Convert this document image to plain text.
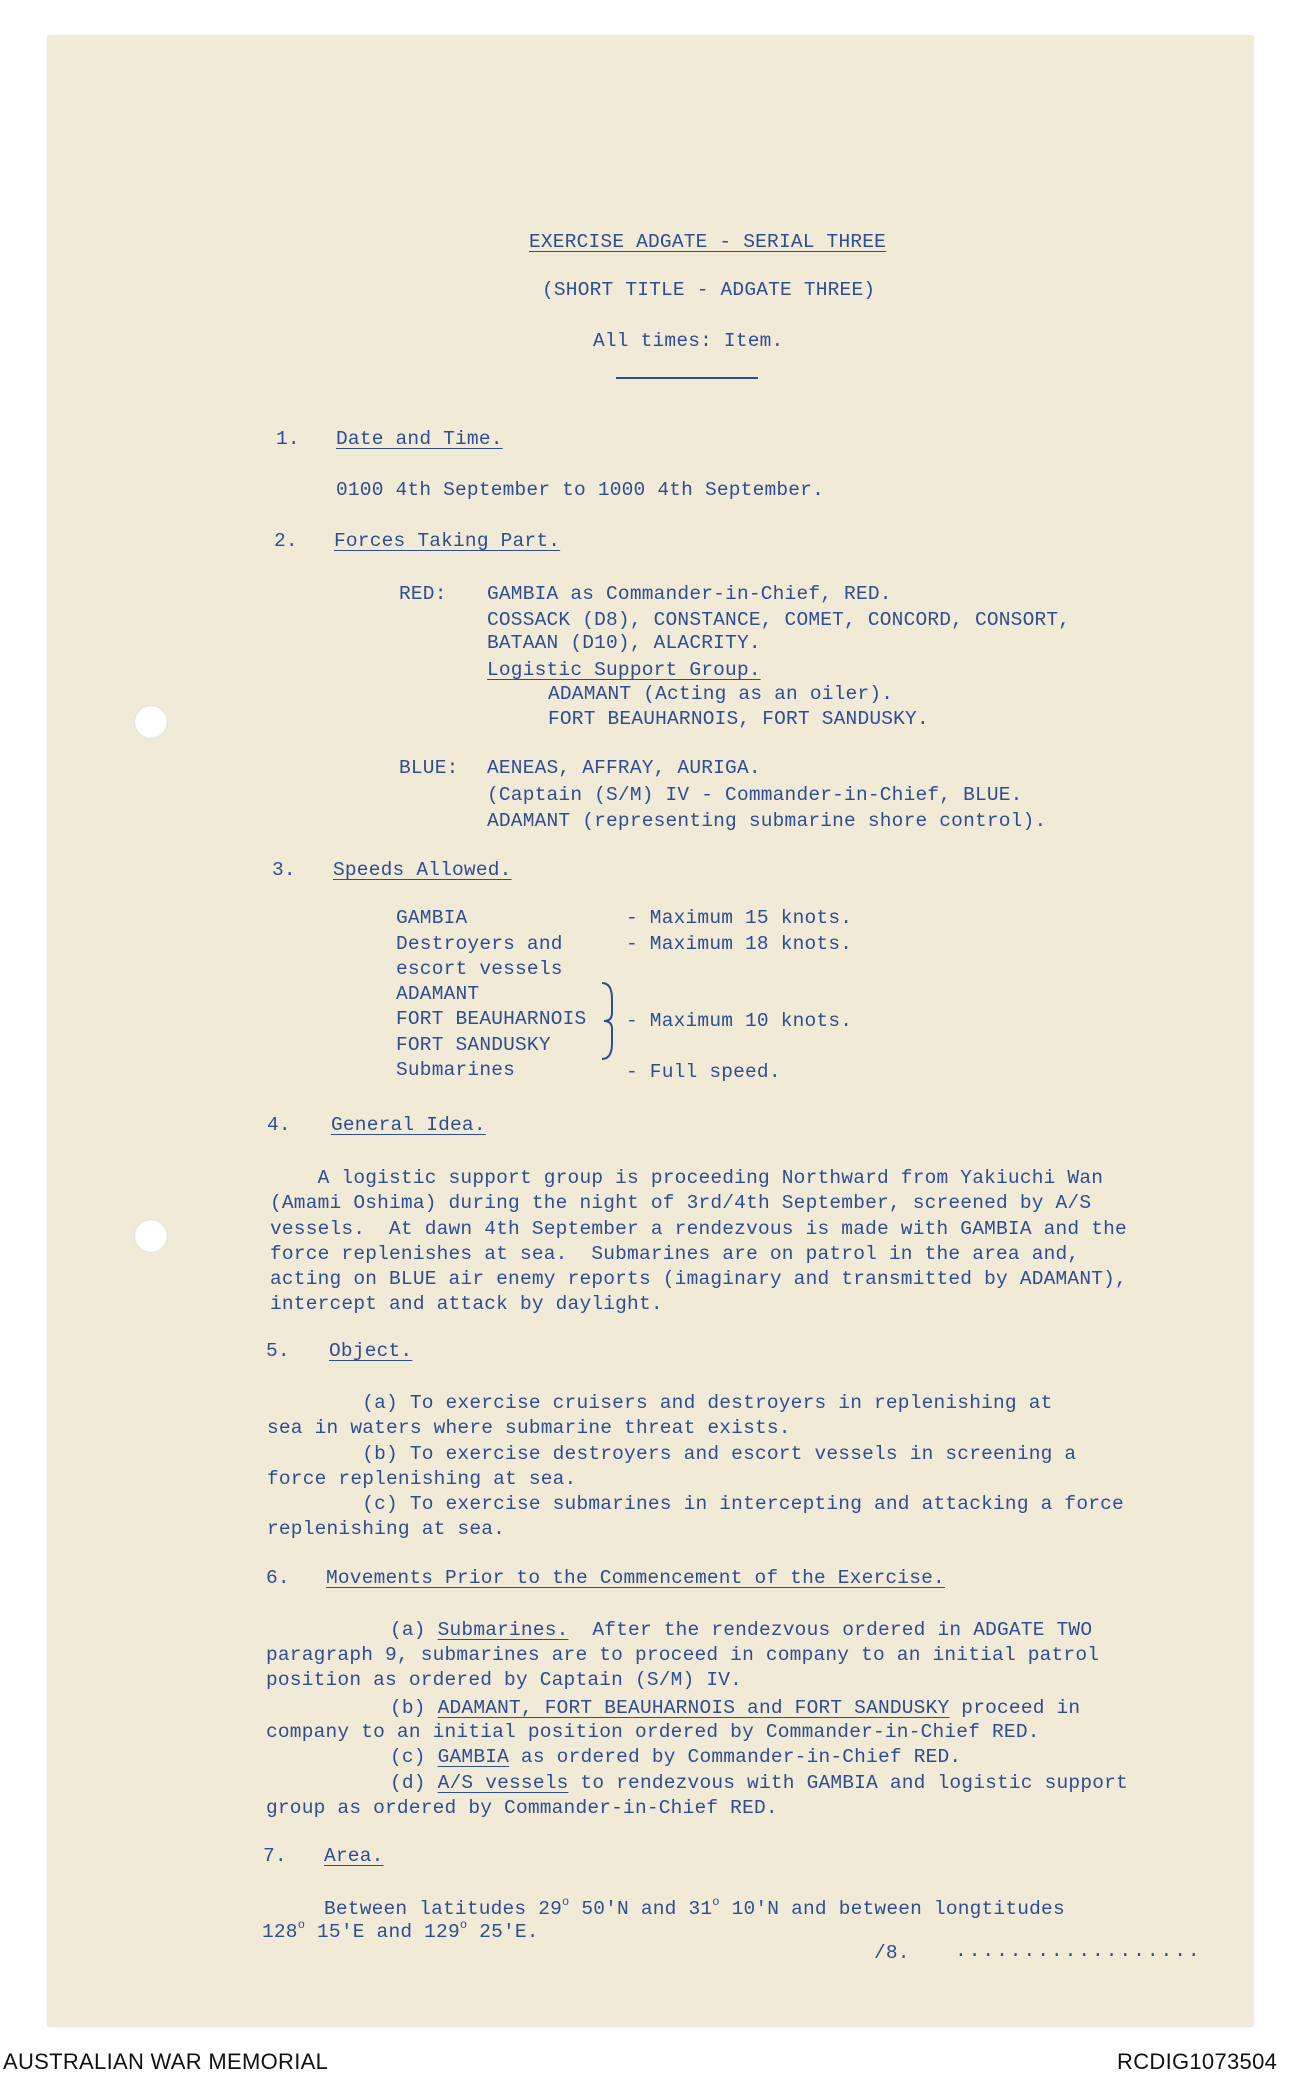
EXERCISE ADGATE - SERIAL THREE
(SHORT TITLE - ADGATE THREE)
All times: Item.
1. Date and Time.
0100 4th September to 1000 4th September.
2. Forces Taking Part.
RED: GAMBIA as Commander-in-Chief, RED.
COSSACK (D8), CONSTANCE, COMET, CONCORD, CONSORT,
BATAAN (D10), ALACRITY.
Logistic Support Group.
ADAMANT (Acting as an oiler).
FORT BEAUHARNOIS, FORT SANDUSKY.
BLUE: AENEAS, AFFRAY, AURIGA.
(Captain (S/M) IV - Commander-in-Chief, BLUE.
ADAMANT (representing submarine shore control).
3. Speeds Allowed.
GAMBIA	- Maximum 15 knots.
Destroyers and	- Maximum 18 knots.
escort vessels
ADAMANT
FORT BEAUHARNOIS - Maximum 10 knots.
FORT SANDUSKY
Submarines	- Full speed.
4. General Idea.
A logistic support group is proceeding Northward from Yakiuchi Wan
(Amami Oshima) during the night of 3rd/4th September, screened by A/S
vessels.  At dawn 4th September a rendezvous is made with GAMBIA and the
force replenishes at sea.  Submarines are on patrol in the area and,
acting on BLUE air enemy reports (imaginary and transmitted by ADAMANT),
intercept and attack by daylight.
5. Object.
(a) To exercise cruisers and destroyers in replenishing at
sea in waters where submarine threat exists.
(b) To exercise destroyers and escort vessels in screening a
force replenishing at sea.
(c) To exercise submarines in intercepting and attacking a force
replenishing at sea.
6. Movements Prior to the Commencement of the Exercise.
(a) Submarines.  After the rendezvous ordered in ADGATE TWO
paragraph 9, submarines are to proceed in company to an initial patrol
position as ordered by Captain (S/M) IV.
(b) ADAMANT, FORT BEAUHARNOIS and FORT SANDUSKY proceed in
company to an initial position ordered by Commander-in-Chief RED.
(c) GAMBIA as ordered by Commander-in-Chief RED.
(d) A/S vessels to rendezvous with GAMBIA and logistic support
group as ordered by Commander-in-Chief RED.
7. Area.
Between latitudes 29$^o$ 50'N and 31$^o$ 10'N and between longtitudes
128$^o$ 15'E and 129$^o$ 25'E.
/8. ..................
AUSTRALIAN WAR MEMORIAL	RCDIG1073504
